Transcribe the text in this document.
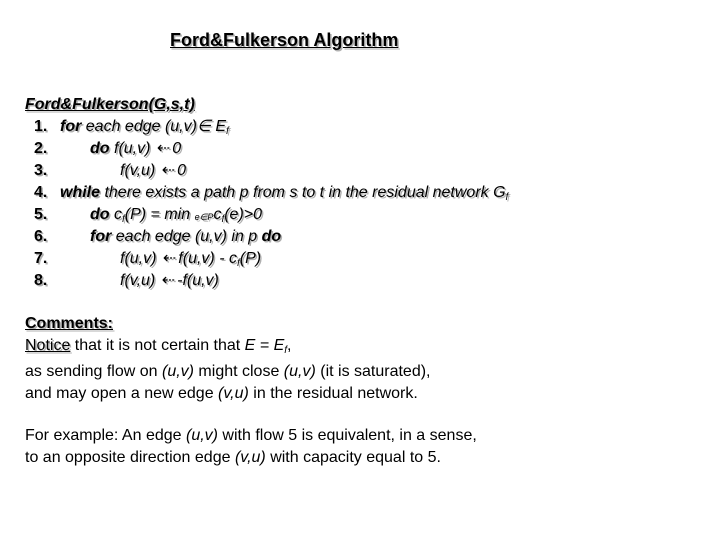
Ford&Fulkerson Algorithm
Ford&Fulkerson(G,s,t)
1. for each edge (u,v)∈ $E_f$
2.	do f(u,v) ⇠ 0
3.	f(v,u) ⇠ 0
4. while there exists a path p from s to t in the residual network $G_f$
5.	do $c_f(P) = \min _{e\in P}c_f(e)>0$
6.	for each edge (u,v) in p do
7.	f(u,v) ⇠ $f(u,v) - c_f(P)$
8.	f(v,u) ⇠ -f(u,v)
Comments:
Notice that it is not certain that $E = E_f$,
as sending flow on (u,v) might close (u,v) (it is saturated),
and may open a new edge (v,u) in the residual network.
For example: An edge (u,v) with flow 5 is equivalent, in a sense,
to an opposite direction edge (v,u) with capacity equal to 5.
